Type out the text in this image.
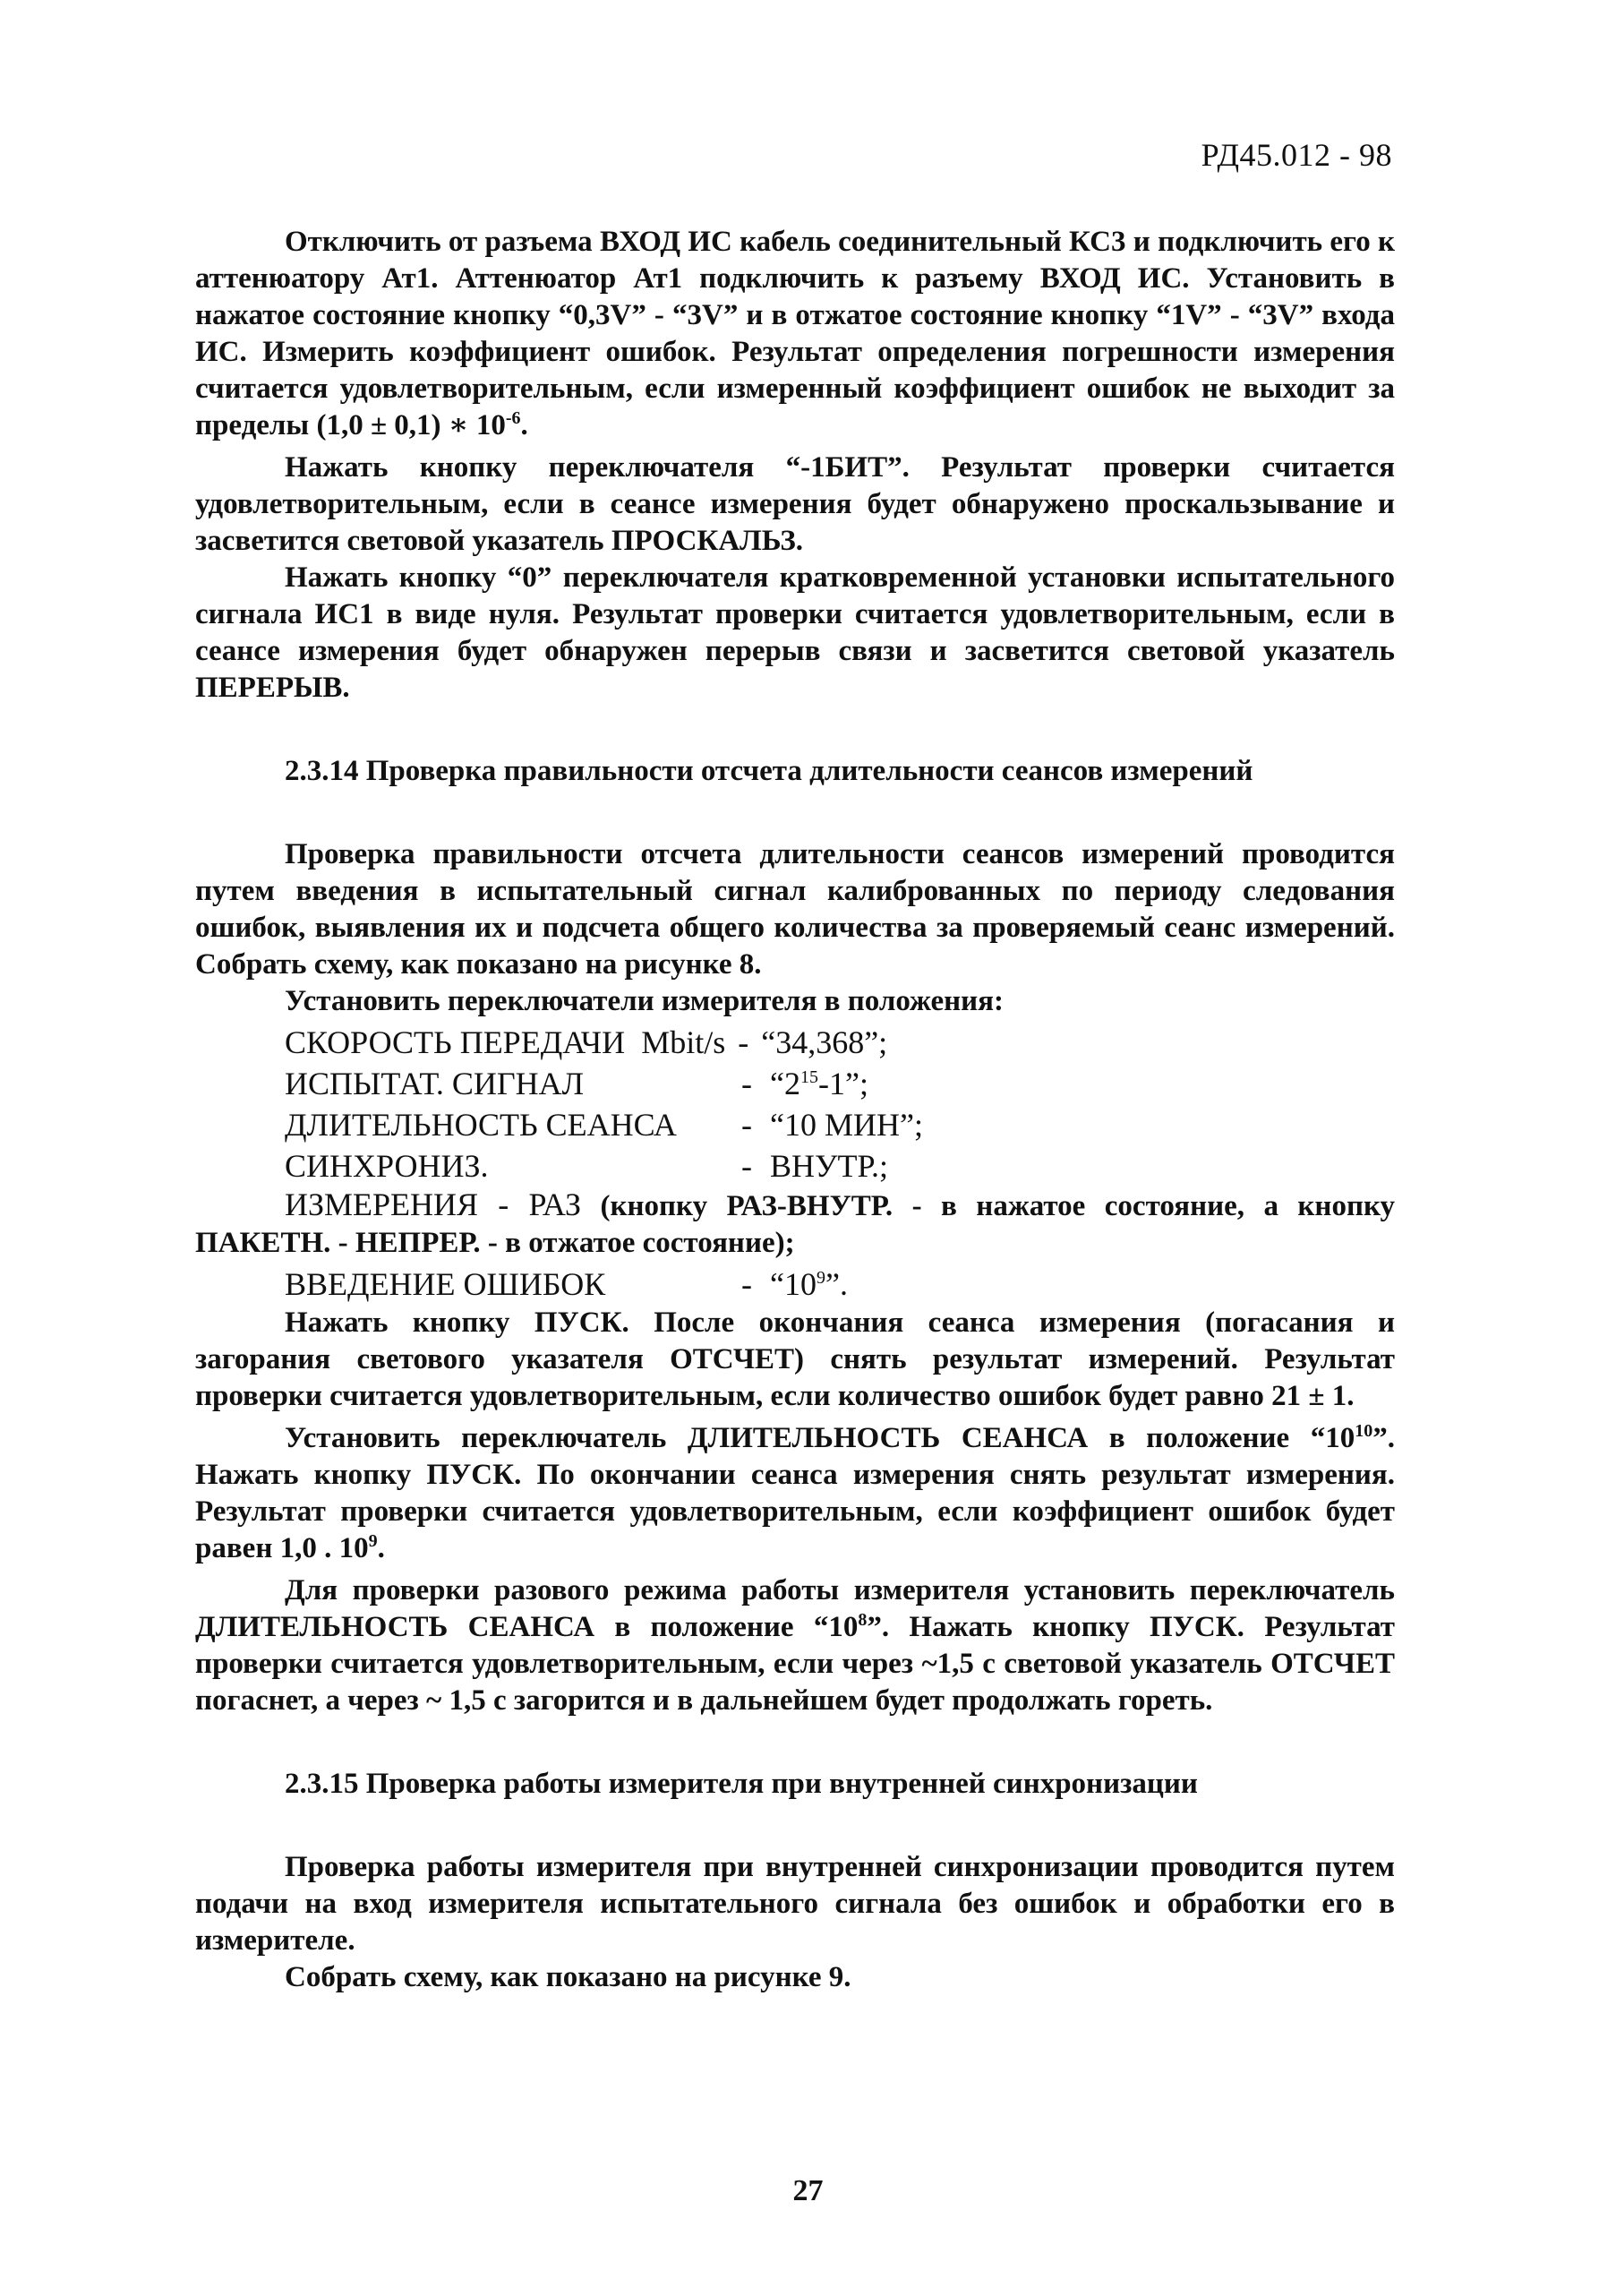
РД45.012 - 98

Отключить от разъема ВХОД ИС кабель соединительный КС3 и подключить его к аттенюатору Ат1. Аттенюатор Ат1 подключить к разъему ВХОД ИС. Установить в нажатое состояние кнопку “0,3V” - “3V” и в отжатое состояние кнопку “1V” - “3V” входа ИС. Измерить коэффициент ошибок. Результат определения погрешности измерения считается удовлетворительным, если измеренный коэффициент ошибок не выходит за пределы (1,0 ± 0,1) ∗ $10^{-6}$.

Нажать кнопку переключателя “-1БИТ”. Результат проверки считается удовлетворительным, если в сеансе измерения будет обнаружено проскальзывание и засветится световой указатель ПРОСКАЛЬЗ.

Нажать кнопку “0” переключателя кратковременной установки испытательного сигнала ИС1 в виде нуля. Результат проверки считается удовлетворительным, если в сеансе измерения будет обнаружен перерыв связи и засветится световой указатель ПЕРЕРЫВ.

2.3.14 Проверка правильности отсчета длительности сеансов измерений

Проверка правильности отсчета длительности сеансов измерений проводится путем введения в испытательный сигнал калиброванных по периоду следования ошибок, выявления их и подсчета общего количества за проверяемый сеанс измерений. Собрать схему, как показано на рисунке 8.

Установить переключатели измерителя в положения:

СКОРОСТЬ ПЕРЕДАЧИ Mbit/s - “34,368”;
ИСПЫТАТ. СИГНАЛ	- “$2^{15}-1$”;
ДЛИТЕЛЬНОСТЬ СЕАНСА	- “10 МИН”;
СИНХРОНИЗ.	- ВНУТР.;

ИЗМЕРЕНИЯ - РАЗ (кнопку РАЗ-ВНУТР. - в нажатое состояние, а кнопку ПАКЕТН. - НЕПРЕР. - в отжатое состояние);

ВВЕДЕНИЕ ОШИБОК	- “$10^9$”.

Нажать кнопку ПУСК. После окончания сеанса измерения (погасания и загорания светового указателя ОТСЧЕТ) снять результат измерений. Результат проверки считается удовлетворительным, если количество ошибок будет равно 21 ± 1.

Установить переключатель ДЛИТЕЛЬНОСТЬ СЕАНСА в положение “$10^{10}$”. Нажать кнопку ПУСК. По окончании сеанса измерения снять результат измерения. Результат проверки считается удовлетворительным, если коэффициент ошибок будет равен 1,0 . $10^9$.

Для проверки разового режима работы измерителя установить переключатель ДЛИТЕЛЬНОСТЬ СЕАНСА в положение “$10^8$”. Нажать кнопку ПУСК. Результат проверки считается удовлетворительным, если через ~1,5 с световой указатель ОТСЧЕТ погаснет, а через ~ 1,5 с загорится и в дальнейшем будет продолжать гореть.

2.3.15 Проверка работы измерителя при внутренней синхронизации

Проверка работы измерителя при внутренней синхронизации проводится путем подачи на вход измерителя испытательного сигнала без ошибок и обработки его в измерителе.

Собрать схему, как показано на рисунке 9.

27
